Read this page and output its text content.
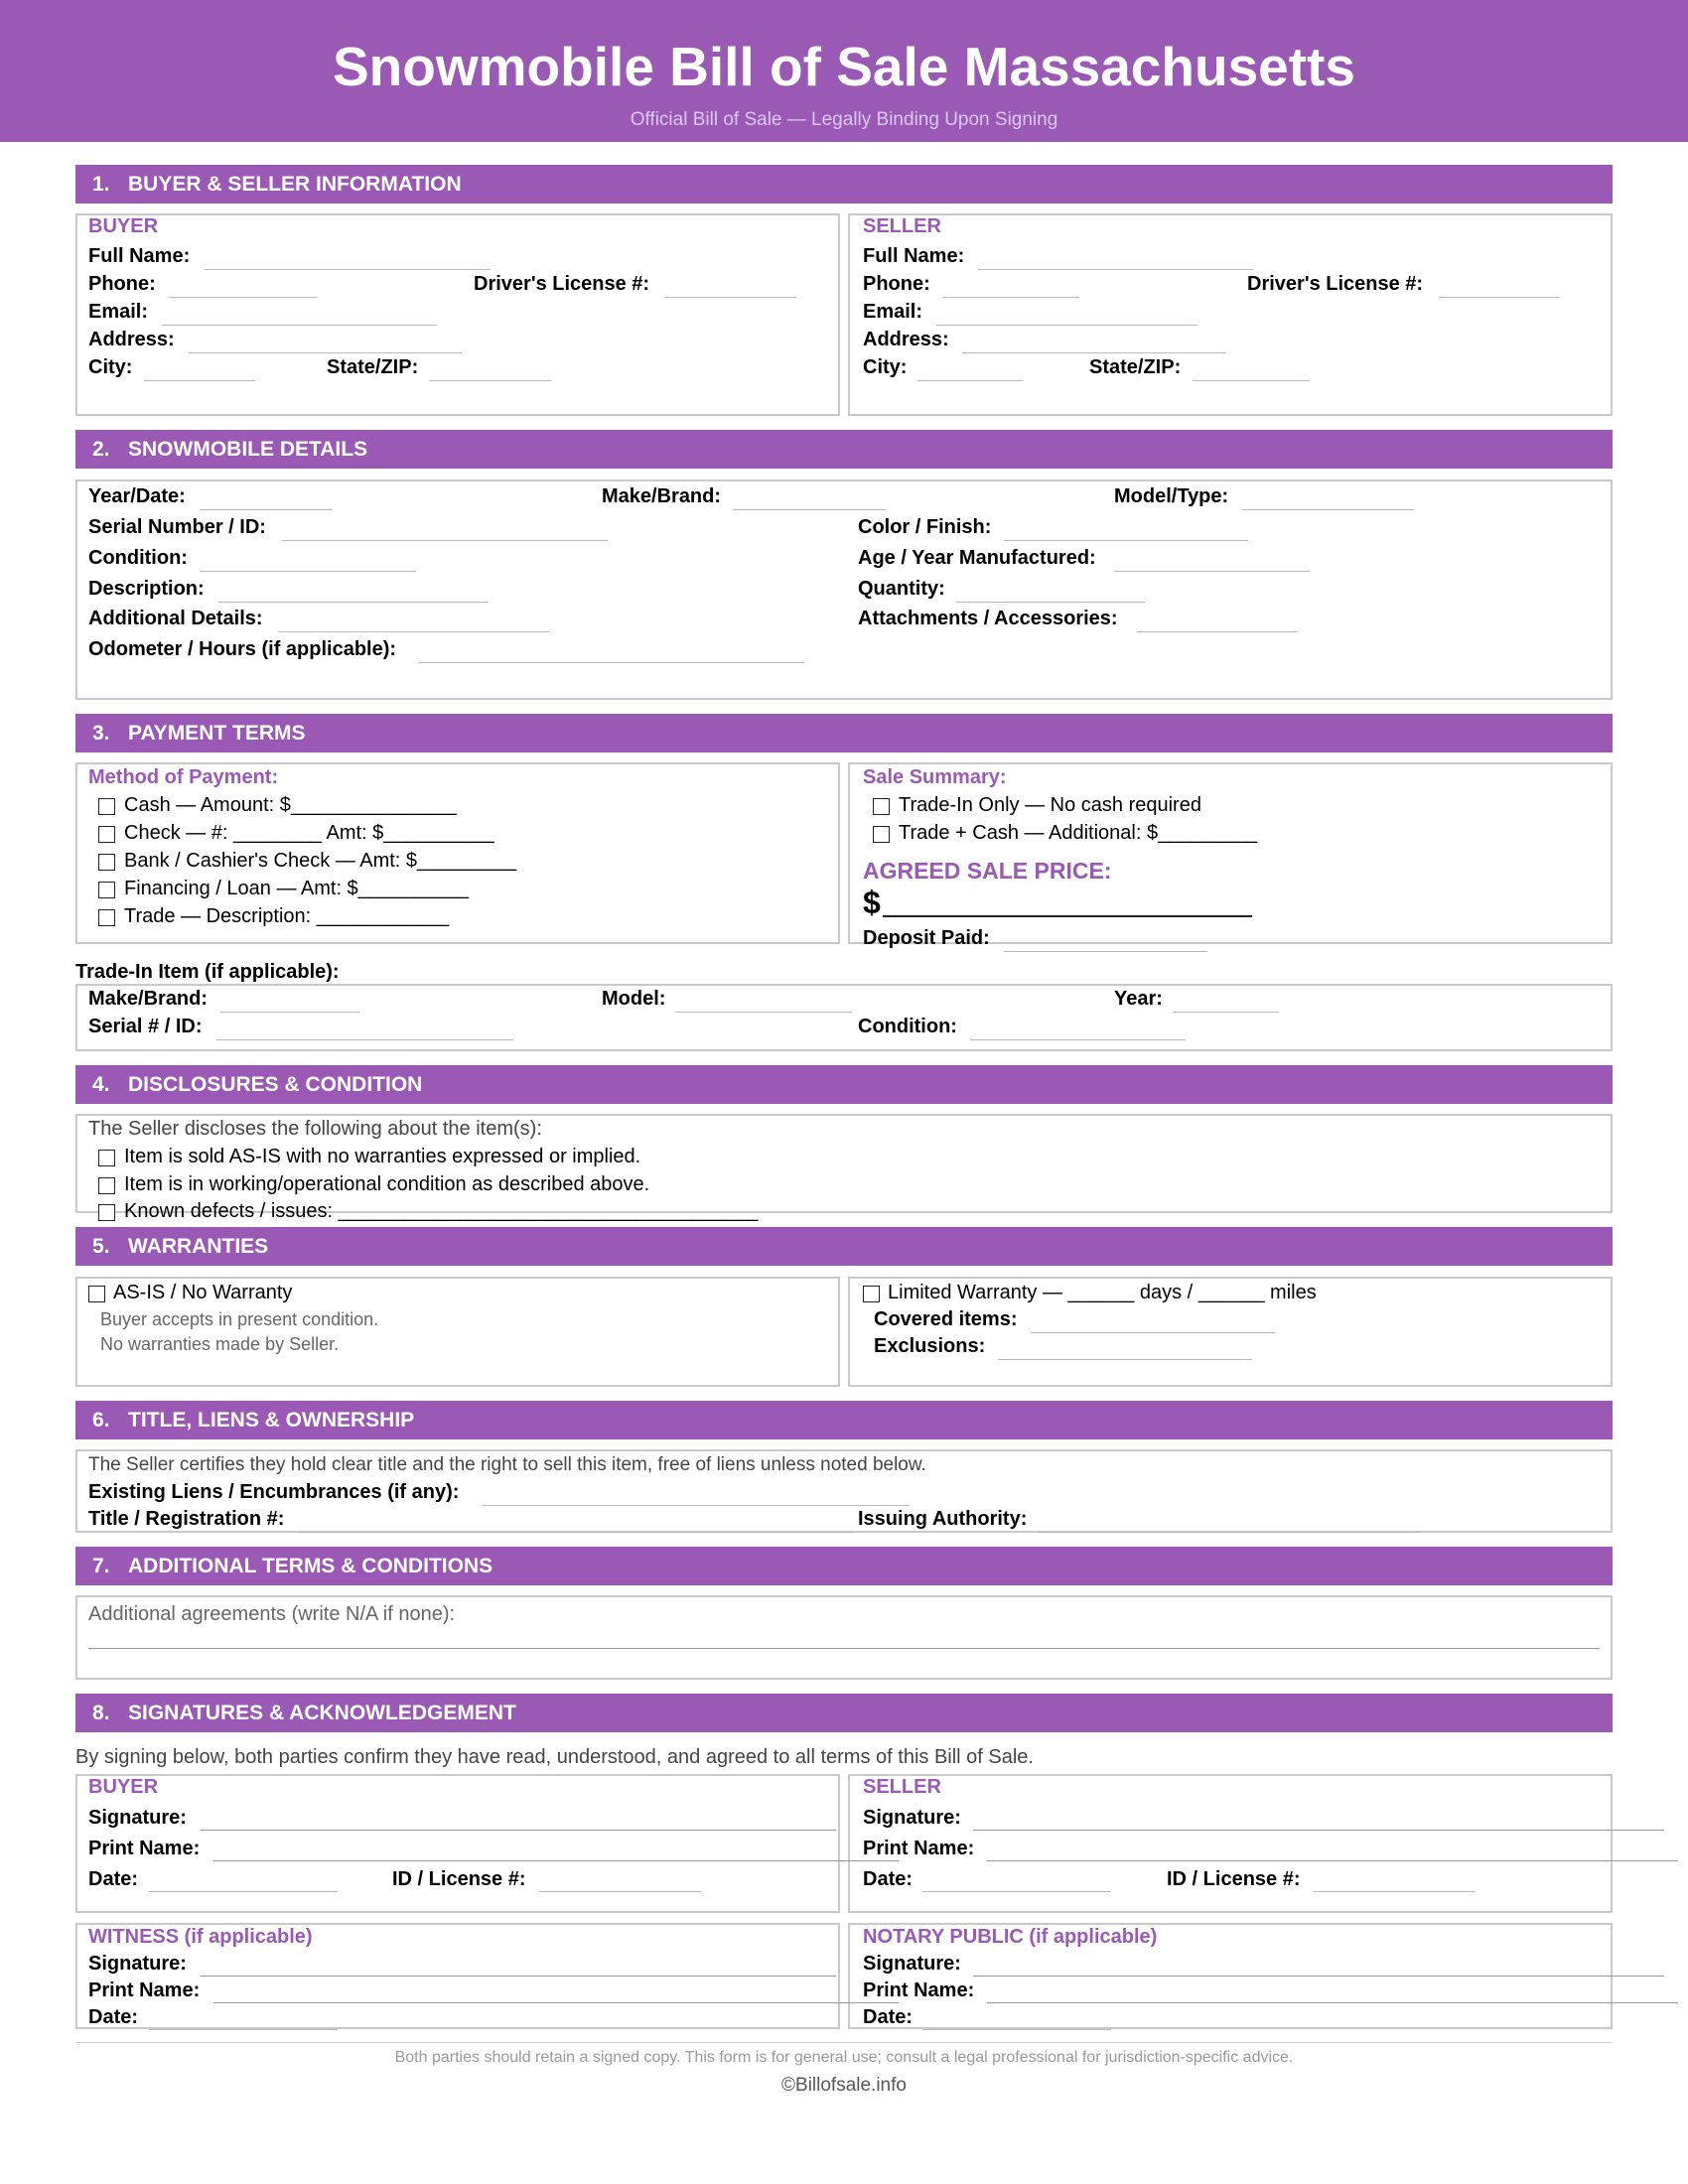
Snowmobile Bill of Sale Massachusetts
Official Bill of Sale — Legally Binding Upon Signing
1. BUYER & SELLER INFORMATION
BUYER
Full Name:
Phone:	Driver's License #:
Email:
Address:
City:	State/ZIP:
SELLER
Full Name:
Phone:	Driver's License #:
Email:
Address:
City:	State/ZIP:
2. SNOWMOBILE DETAILS
Year/Date:	Make/Brand:	Model/Type:
Serial Number / ID:	Color / Finish:
Condition:	Age / Year Manufactured:
Description:	Quantity:
Additional Details:	Attachments / Accessories:
Odometer / Hours (if applicable):
3. PAYMENT TERMS
Method of Payment:
Cash — Amount: $_______________
Check — #: ________ Amt: $__________
Bank / Cashier's Check — Amt: $_________
Financing / Loan — Amt: $__________
Trade — Description: ____________
Sale Summary:
Trade-In Only — No cash required
Trade + Cash — Additional: $_________
AGREED SALE PRICE:
$
Deposit Paid:
Trade-In Item (if applicable):
Make/Brand:	Model:	Year:
Serial # / ID:	Condition:
4. DISCLOSURES & CONDITION
The Seller discloses the following about the item(s):
Item is sold AS-IS with no warranties expressed or implied.
Item is in working/operational condition as described above.
Known defects / issues: ______________________________________
5. WARRANTIES
AS-IS / No Warranty
Buyer accepts in present condition.
No warranties made by Seller.
Limited Warranty — ______ days / ______ miles
Covered items:
Exclusions:
6. TITLE, LIENS & OWNERSHIP
The Seller certifies they hold clear title and the right to sell this item, free of liens unless noted below.
Existing Liens / Encumbrances (if any):
Title / Registration #:	Issuing Authority:
7. ADDITIONAL TERMS & CONDITIONS
Additional agreements (write N/A if none):
8. SIGNATURES & ACKNOWLEDGEMENT
By signing below, both parties confirm they have read, understood, and agreed to all terms of this Bill of Sale.
BUYER
Signature:
Print Name:
Date:	ID / License #:
SELLER
Signature:
Print Name:
Date:	ID / License #:
WITNESS (if applicable)
Signature:
Print Name:
Date:
NOTARY PUBLIC (if applicable)
Signature:
Print Name:
Date:
Both parties should retain a signed copy. This form is for general use; consult a legal professional for jurisdiction-specific advice.
©Billofsale.info
